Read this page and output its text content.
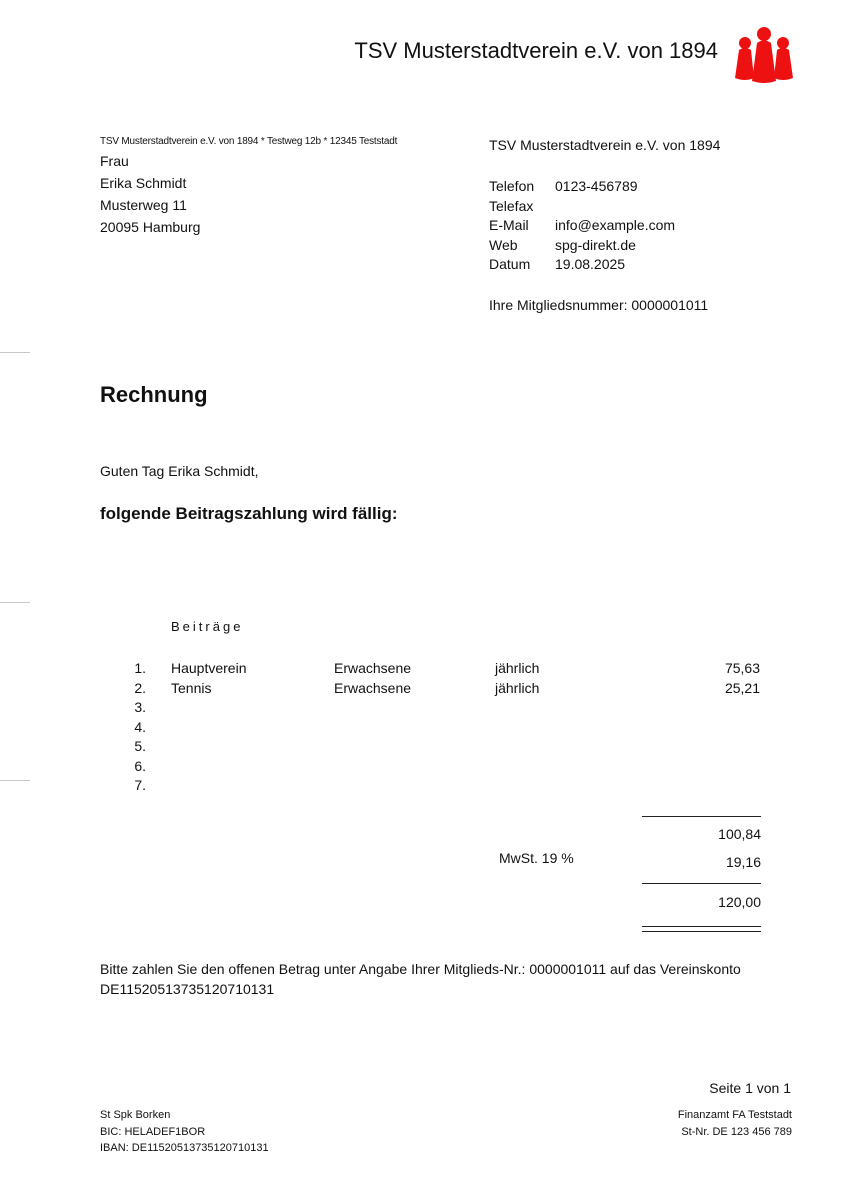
TSV Musterstadtverein e.V. von 1894
TSV Musterstadtverein e.V. von 1894 * Testweg 12b * 12345 Teststadt
Frau
Erika Schmidt
Musterweg 11
20095 Hamburg
TSV Musterstadtverein e.V. von 1894
Telefon	0123-456789
Telefax
E-Mail	info@example.com
Web	spg-direkt.de
Datum	19.08.2025
Ihre Mitgliedsnummer: 0000001011
Rechnung
Guten Tag Erika Schmidt,
folgende Beitragszahlung wird fällig:
Beiträge
1. Hauptverein	Erwachsene	jährlich	75,63
2. Tennis	Erwachsene	jährlich	25,21
3.
4.
5.
6.
7.
100,84
MwSt. 19 %	19,16
120,00
Bitte zahlen Sie den offenen Betrag unter Angabe Ihrer Mitglieds-Nr.: 0000001011 auf das Vereinskonto
DE11520513735120710131
Seite 1 von 1
St Spk Borken
BIC: HELADEF1BOR
IBAN: DE11520513735120710131
Finanzamt FA Teststadt
St-Nr. DE 123 456 789
